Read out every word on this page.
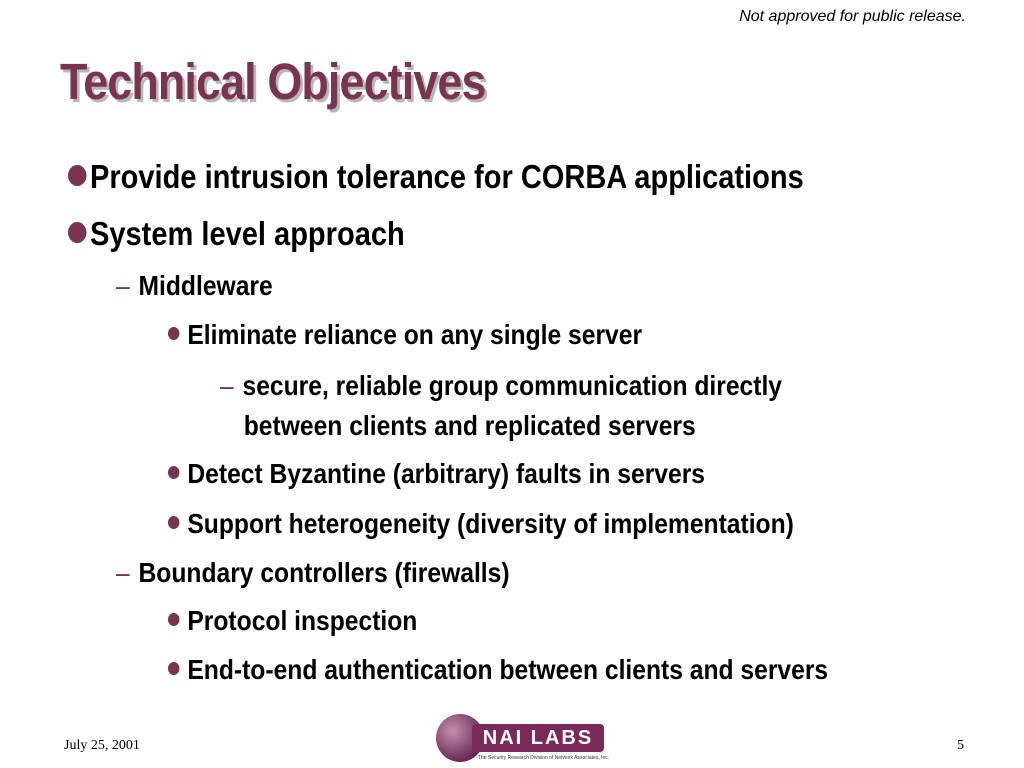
Not approved for public release.
Technical Objectives
Provide intrusion tolerance for CORBA applications
System level approach
– Middleware
Eliminate reliance on any single server
– secure, reliable group communication directly
between clients and replicated servers
Detect Byzantine (arbitrary) faults in servers
Support heterogeneity (diversity of implementation)
– Boundary controllers (firewalls)
Protocol inspection
End-to-end authentication between clients and servers
July 25, 2001	NAI LABS
The Security Research Division of Network Associates, Inc.
5
